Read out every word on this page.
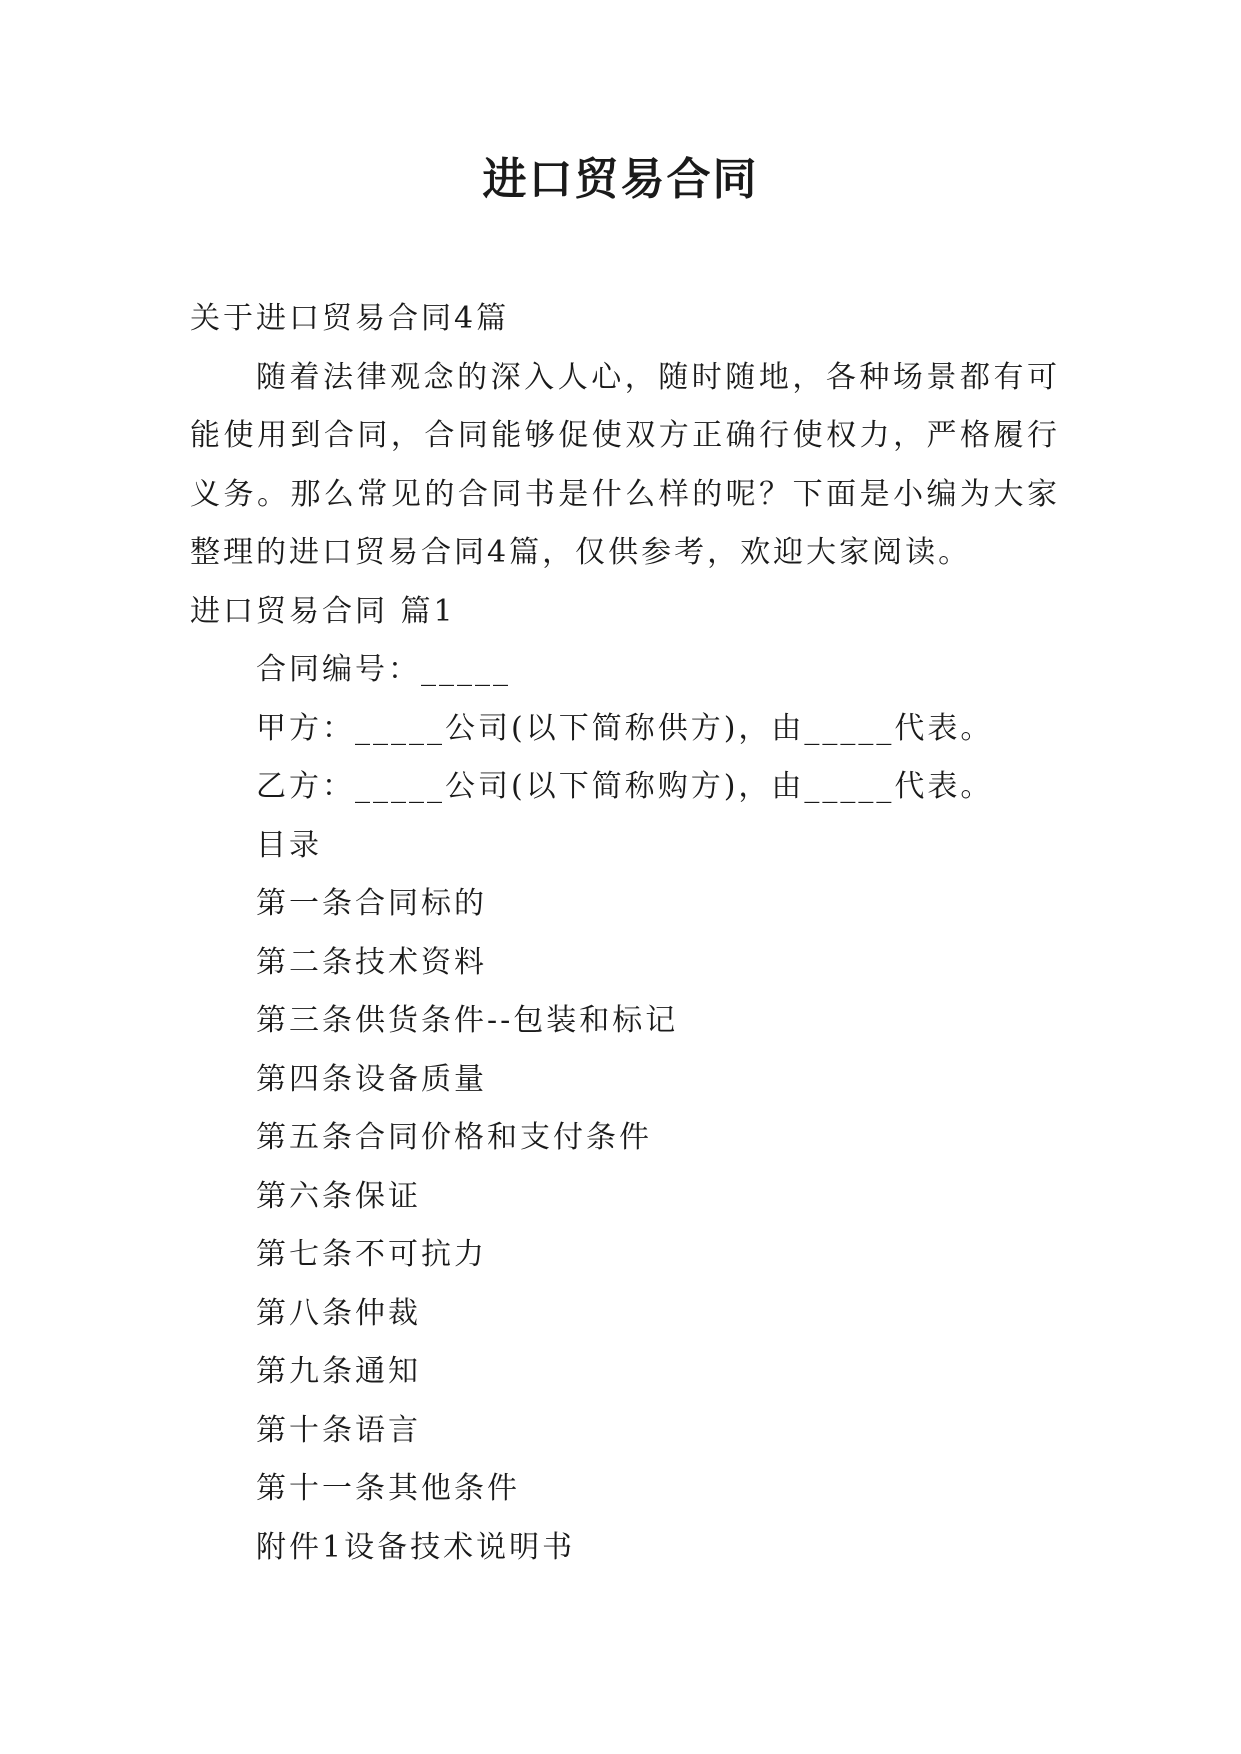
进口贸易合同

关于进口贸易合同4篇

随着法律观念的深入人心，随时随地，各种场景都有可能使用到合同，合同能够促使双方正确行使权力，严格履行义务。那么常见的合同书是什么样的呢？下面是小编为大家整理的进口贸易合同4篇，仅供参考，欢迎大家阅读。

进口贸易合同 篇1

合同编号：_____

甲方：_____公司(以下简称供方)，由_____代表。

乙方：_____公司(以下简称购方)，由_____代表。

目录

第一条合同标的

第二条技术资料

第三条供货条件--包装和标记

第四条设备质量

第五条合同价格和支付条件

第六条保证

第七条不可抗力

第八条仲裁

第九条通知

第十条语言

第十一条其他条件

附件1设备技术说明书
